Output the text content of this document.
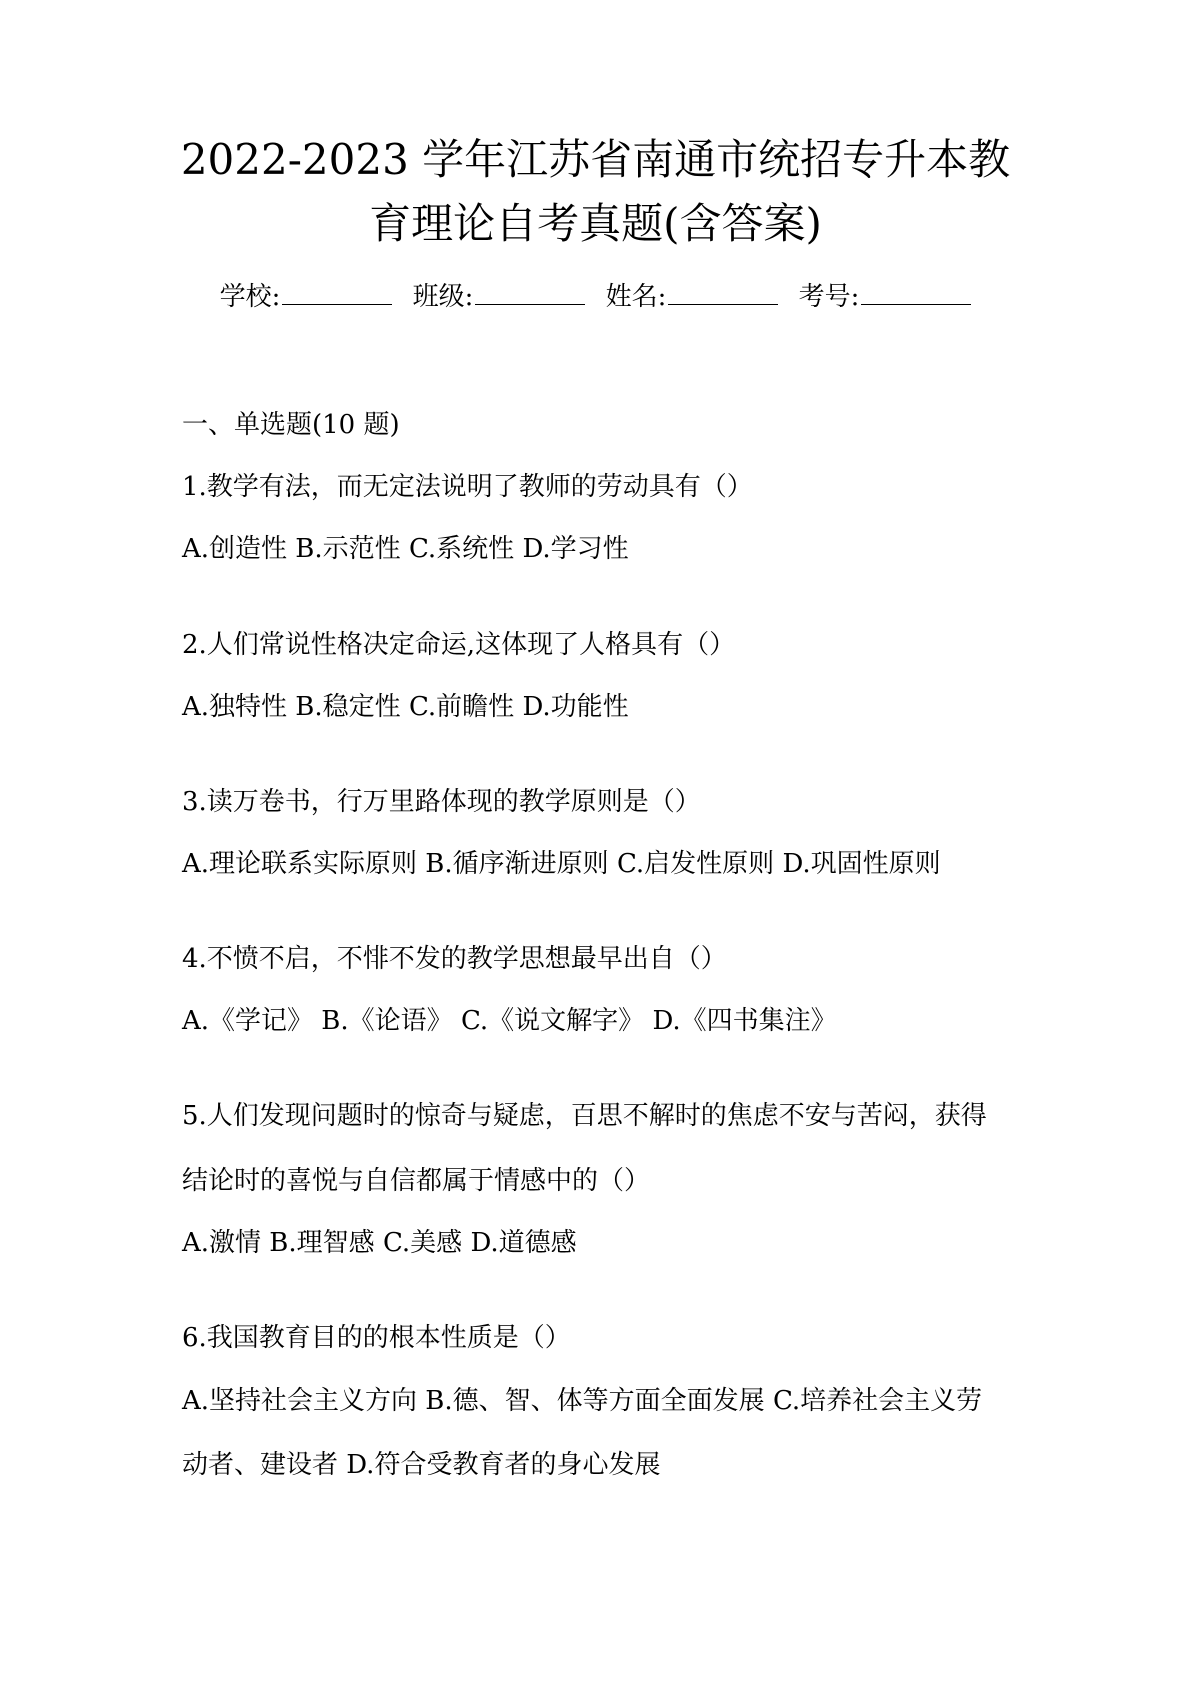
2022-2023 学年江苏省南通市统招专升本教
育理论自考真题(含答案)
学校:	班级:	姓名:	考号:
一、单选题(10 题)
1.教学有法，而无定法说明了教师的劳动具有（）
A.创造性 B.示范性 C.系统性 D.学习性
2.人们常说性格决定命运,这体现了人格具有（）
A.独特性 B.稳定性 C.前瞻性 D.功能性
3.读万卷书，行万里路体现的教学原则是（）
A.理论联系实际原则 B.循序渐进原则 C.启发性原则 D.巩固性原则
4.不愤不启，不悱不发的教学思想最早出自（）
A.《学记》 B.《论语》 C.《说文解字》 D.《四书集注》
5.人们发现问题时的惊奇与疑虑，百思不解时的焦虑不安与苦闷，获得
结论时的喜悦与自信都属于情感中的（）
A.激情 B.理智感 C.美感 D.道德感
6.我国教育目的的根本性质是（）
A.坚持社会主义方向 B.德、智、体等方面全面发展 C.培养社会主义劳
动者、建设者 D.符合受教育者的身心发展
